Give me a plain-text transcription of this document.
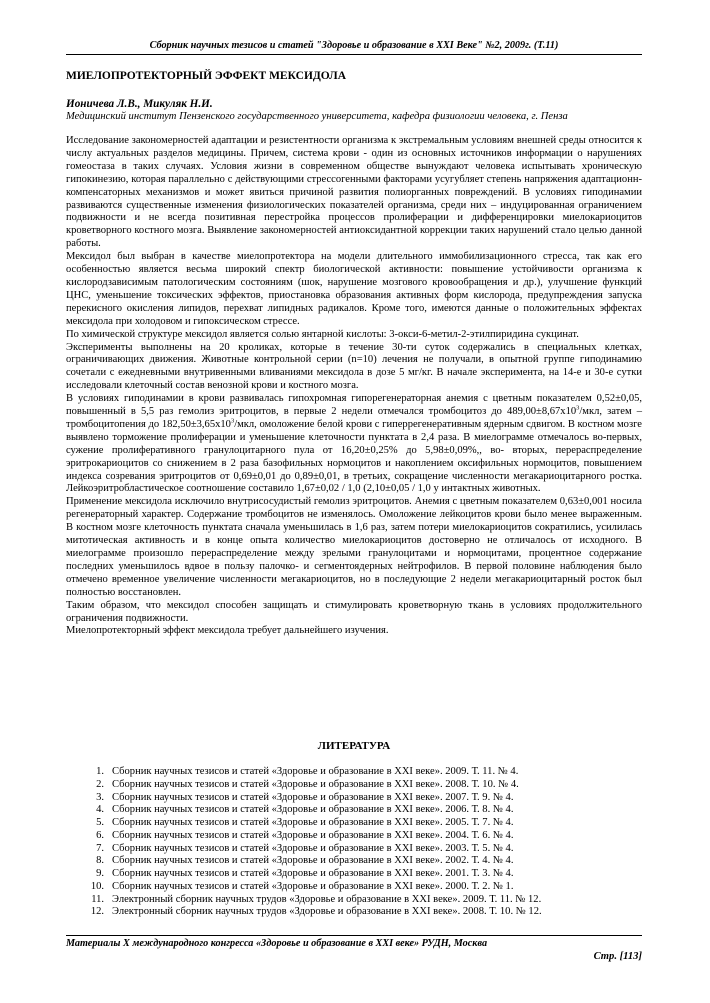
Сборник научных тезисов и статей "Здоровье и образование в XXI Веке" №2, 2009г. (Т.11)
МИЕЛОПРОТЕКТОРНЫЙ ЭФФЕКТ МЕКСИДОЛА

Ионичева Л.В., Микуляк Н.И.

Медицинский институт Пензенского государственного университета, кафедра физиологии человека, г. Пенза

Исследование закономерностей адаптации и резистентности организма к экстремальным условиям внешней среды относится к числу актуальных разделов медицины. Причем, система крови - один из основных источников информации о нарушениях гомеостаза в таких случаях. Условия жизни в современном обществе вынуждают человека испытывать хроническую гипокинезию, которая параллельно с действующими стрессогенными факторами усугубляет степень напряжения адаптационн-компенсаторных механизмов и может явиться причиной развития полиорганных повреждений. В условиях гиподинамии развиваются существенные изменения физиологических показателей организма, среди них – индуцированная ограничением подвижности и не всегда позитивная перестройка процессов пролиферации и дифференцировки миелокариоцитов кроветворного костного мозга. Выявление закономерностей антиоксидантной коррекции таких нарушений стало целью данной работы.

Мексидол был выбран в качестве миелопротектора на модели длительного иммобилизационного стресса, так как его особенностью является весьма широкий спектр биологической активности: повышение устойчивости организма к кислородзависимым патологическим состояниям (шок, нарушение мозгового кровообращения и др.), улучшение функций ЦНС, уменьшение токсических эффектов, приостановка образования активных форм кислорода, предупреждения запуска перекисного окисления липидов, перехват липидных радикалов. Кроме того, имеются данные о положительных эффектах мексидола при холодовом и гипоксическом стрессе.

По химической структуре мексидол является солью янтарной кислоты: 3-окси-6-метил-2-этилпиридина сукцинат.

Эксперименты выполнены на 20 кроликах, которые в течение 30-ти суток содержались в специальных клетках, ограничивающих движения. Животные контрольной серии (n=10) лечения не получали, в опытной группе гиподинамию сочетали с ежедневными внутривенными вливаниями мексидола в дозе 5 мг/кг. В начале эксперимента, на 14-е и 30-е сутки исследовали клеточный состав венозной крови и костного мозга.

В условиях гиподинамии в крови развивалась гипохромная гипорегенераторная анемия с цветным показателем 0,52±0,05, повышенный в 5,5 раз гемолиз эритроцитов, в первые 2 недели отмечался тромбоцитоз до $489,00\pm 8,67х10^3$/мкл, затем – тромбоцитопения до $182,50\pm 3,65х10^3$/мкл, омоложение белой крови с гиперрегенеративным ядерным сдвигом. В костном мозге выявлено торможение пролиферации и уменьшение клеточности пунктата в 2,4 раза. В миелограмме отмечалось во-первых, сужение пролиферативного гранулоцитарного пула от 16,20±0,25% до 5,98±0,09%,, во- вторых, перераспределение эритрокариоцитов со снижением в 2 раза базофильных нормоцитов и накоплением оксифильных нормоцитов, повышением индекса созревания эритроцитов от 0,69±0,01 до 0,89±0,01, в третьих, сокращение численности мегакариоцитарного ростка. Лейкоэритробластическое соотношение составило 1,67±0,02 / 1,0 (2,10±0,05 / 1,0 у интактных животных.

Применение мексидола исключило внутрисосудистый гемолиз эритроцитов. Анемия с цветным показателем 0,63±0,001 носила регенераторный характер. Содержание тромбоцитов не изменялось. Омоложение лейкоцитов крови было менее выраженным. В костном мозге клеточность пунктата сначала уменьшилась в 1,6 раз, затем потери миелокариоцитов сократились, усилилась митотическая активность и в конце опыта количество миелокариоцитов достоверно не отличалось от исходного. В миелограмме произошло перераспределение между зрелыми гранулоцитами и нормоцитами, процентное содержание последних уменьшилось вдвое в пользу палочко- и сегментоядерных нейтрофилов. В первой половине наблюдения было отмечено временное увеличение численности мегакариоцитов, но в последующие 2 недели мегакариоцитарный росток был полностью восстановлен.

Таким образом, что мексидол способен защищать и стимулировать кроветворную ткань в условиях продолжительного ограничения подвижности.

Миелопротекторный эффект мексидола требует дальнейшего изучения.

ЛИТЕРАТУРА
1. Сборник научных тезисов и статей «Здоровье и образование в XXI веке». 2009. Т. 11. № 4.
2. Сборник научных тезисов и статей «Здоровье и образование в XXI веке». 2008. Т. 10. № 4.
3. Сборник научных тезисов и статей «Здоровье и образование в XXI веке». 2007. Т. 9. № 4.
4. Сборник научных тезисов и статей «Здоровье и образование в XXI веке». 2006. Т. 8. № 4.
5. Сборник научных тезисов и статей «Здоровье и образование в XXI веке». 2005. Т. 7. № 4.
6. Сборник научных тезисов и статей «Здоровье и образование в XXI веке». 2004. Т. 6. № 4.
7. Сборник научных тезисов и статей «Здоровье и образование в XXI веке». 2003. Т. 5. № 4.
8. Сборник научных тезисов и статей «Здоровье и образование в XXI веке». 2002. Т. 4. № 4.
9. Сборник научных тезисов и статей «Здоровье и образование в XXI веке». 2001. Т. 3. № 4.
10. Сборник научных тезисов и статей «Здоровье и образование в XXI веке». 2000. Т. 2. № 1.
11. Электронный сборник научных трудов «Здоровье и образование в XXI веке». 2009. Т. 11. № 12.
12. Электронный сборник научных трудов «Здоровье и образование в XXI веке». 2008. Т. 10. № 12.

Материалы X международного конгресса «Здоровье и образование в XXI веке» РУДН, Москва

Стр. [113]
